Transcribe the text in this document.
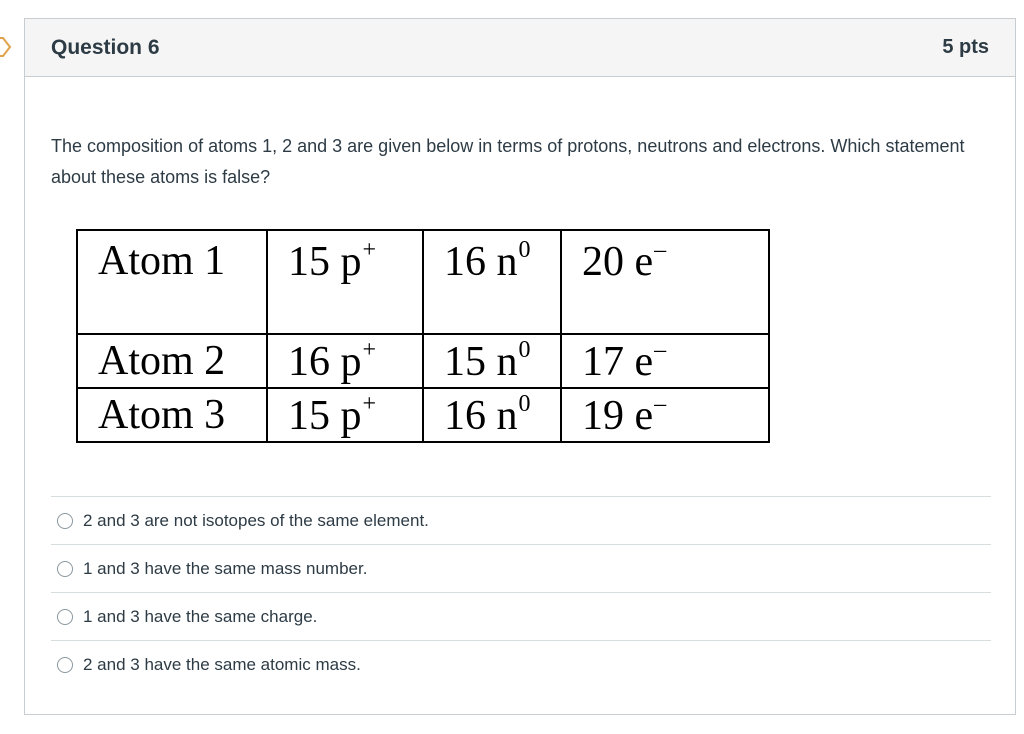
Question 6	5 pts

The composition of atoms 1, 2 and 3 are given below in terms of protons, neutrons and electrons. Which statement about these atoms is false?

Atom 1	15 p+	16 $n^0$	20 e–
Atom 2	16 p+	15 $n^0$	17 e–
Atom 3	15 p+	16 $n^0$	19 e–
2 and 3 are not isotopes of the same element.
1 and 3 have the same mass number.
1 and 3 have the same charge.
2 and 3 have the same atomic mass.
